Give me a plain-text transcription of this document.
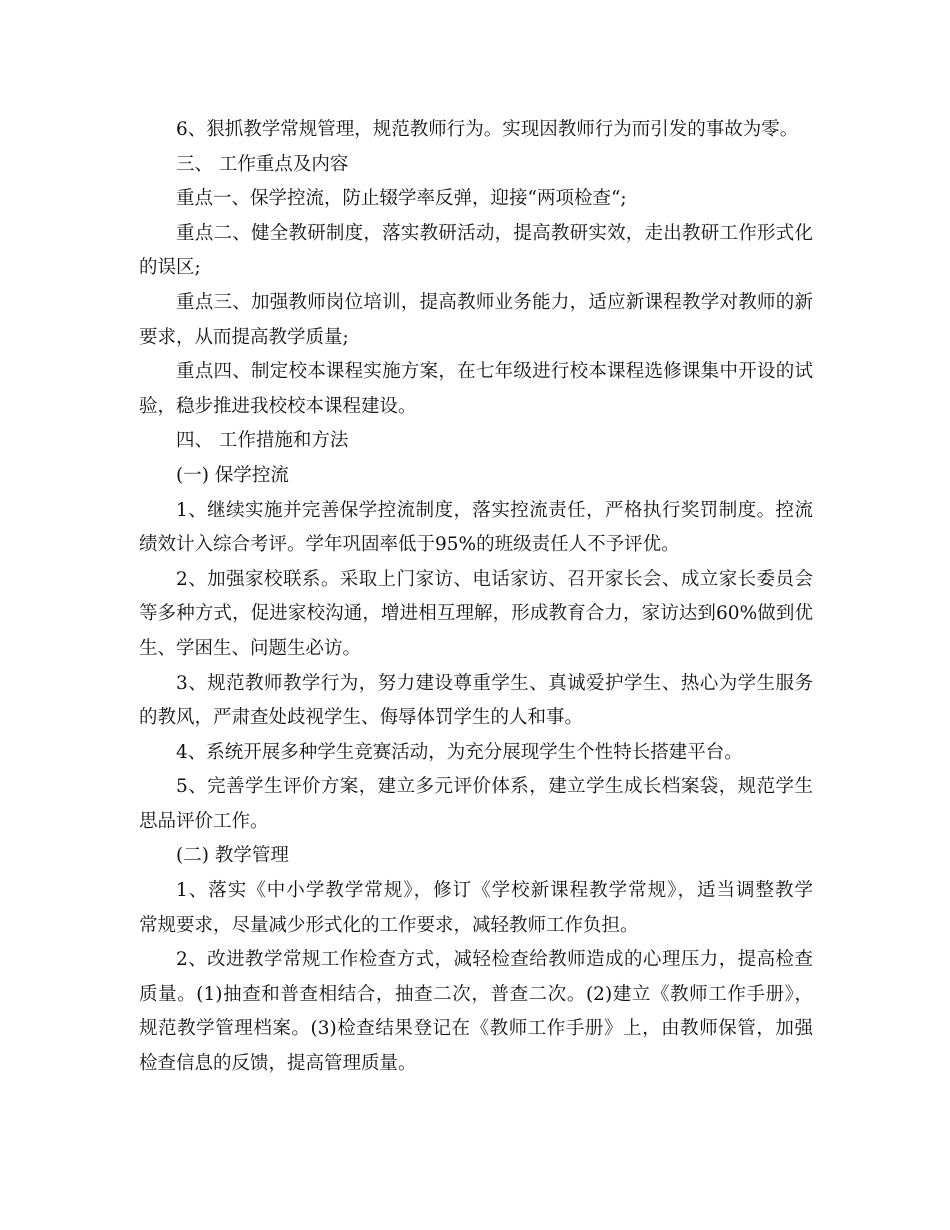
6、狠抓教学常规管理，规范教师行为。实现因教师行为而引发的事故为零。
三、 工作重点及内容
重点一、保学控流，防止辍学率反弹，迎接“两项检查“;
重点二、健全教研制度，落实教研活动，提高教研实效，走出教研工作形式化
的误区;
重点三、加强教师岗位培训，提高教师业务能力，适应新课程教学对教师的新
要求，从而提高教学质量;
重点四、制定校本课程实施方案，在七年级进行校本课程选修课集中开设的试
验，稳步推进我校校本课程建设。
四、 工作措施和方法
(一) 保学控流
1、继续实施并完善保学控流制度，落实控流责任，严格执行奖罚制度。控流
绩效计入综合考评。学年巩固率低于95%的班级责任人不予评优。
2、加强家校联系。采取上门家访、电话家访、召开家长会、成立家长委员会
等多种方式，促进家校沟通，增进相互理解，形成教育合力，家访达到60%做到优
生、学困生、问题生必访。
3、规范教师教学行为，努力建设尊重学生、真诚爱护学生、热心为学生服务
的教风，严肃查处歧视学生、侮辱体罚学生的人和事。
4、系统开展多种学生竞赛活动，为充分展现学生个性特长搭建平台。
5、完善学生评价方案，建立多元评价体系，建立学生成长档案袋，规范学生
思品评价工作。
(二) 教学管理
1、落实《中小学教学常规》，修订《学校新课程教学常规》，适当调整教学
常规要求，尽量减少形式化的工作要求，减轻教师工作负担。
2、改进教学常规工作检查方式，减轻检查给教师造成的心理压力，提高检查
质量。(1)抽查和普查相结合，抽查二次，普查二次。(2)建立《教师工作手册》，
规范教学管理档案。(3)检查结果登记在《教师工作手册》上，由教师保管，加强
检查信息的反馈，提高管理质量。
